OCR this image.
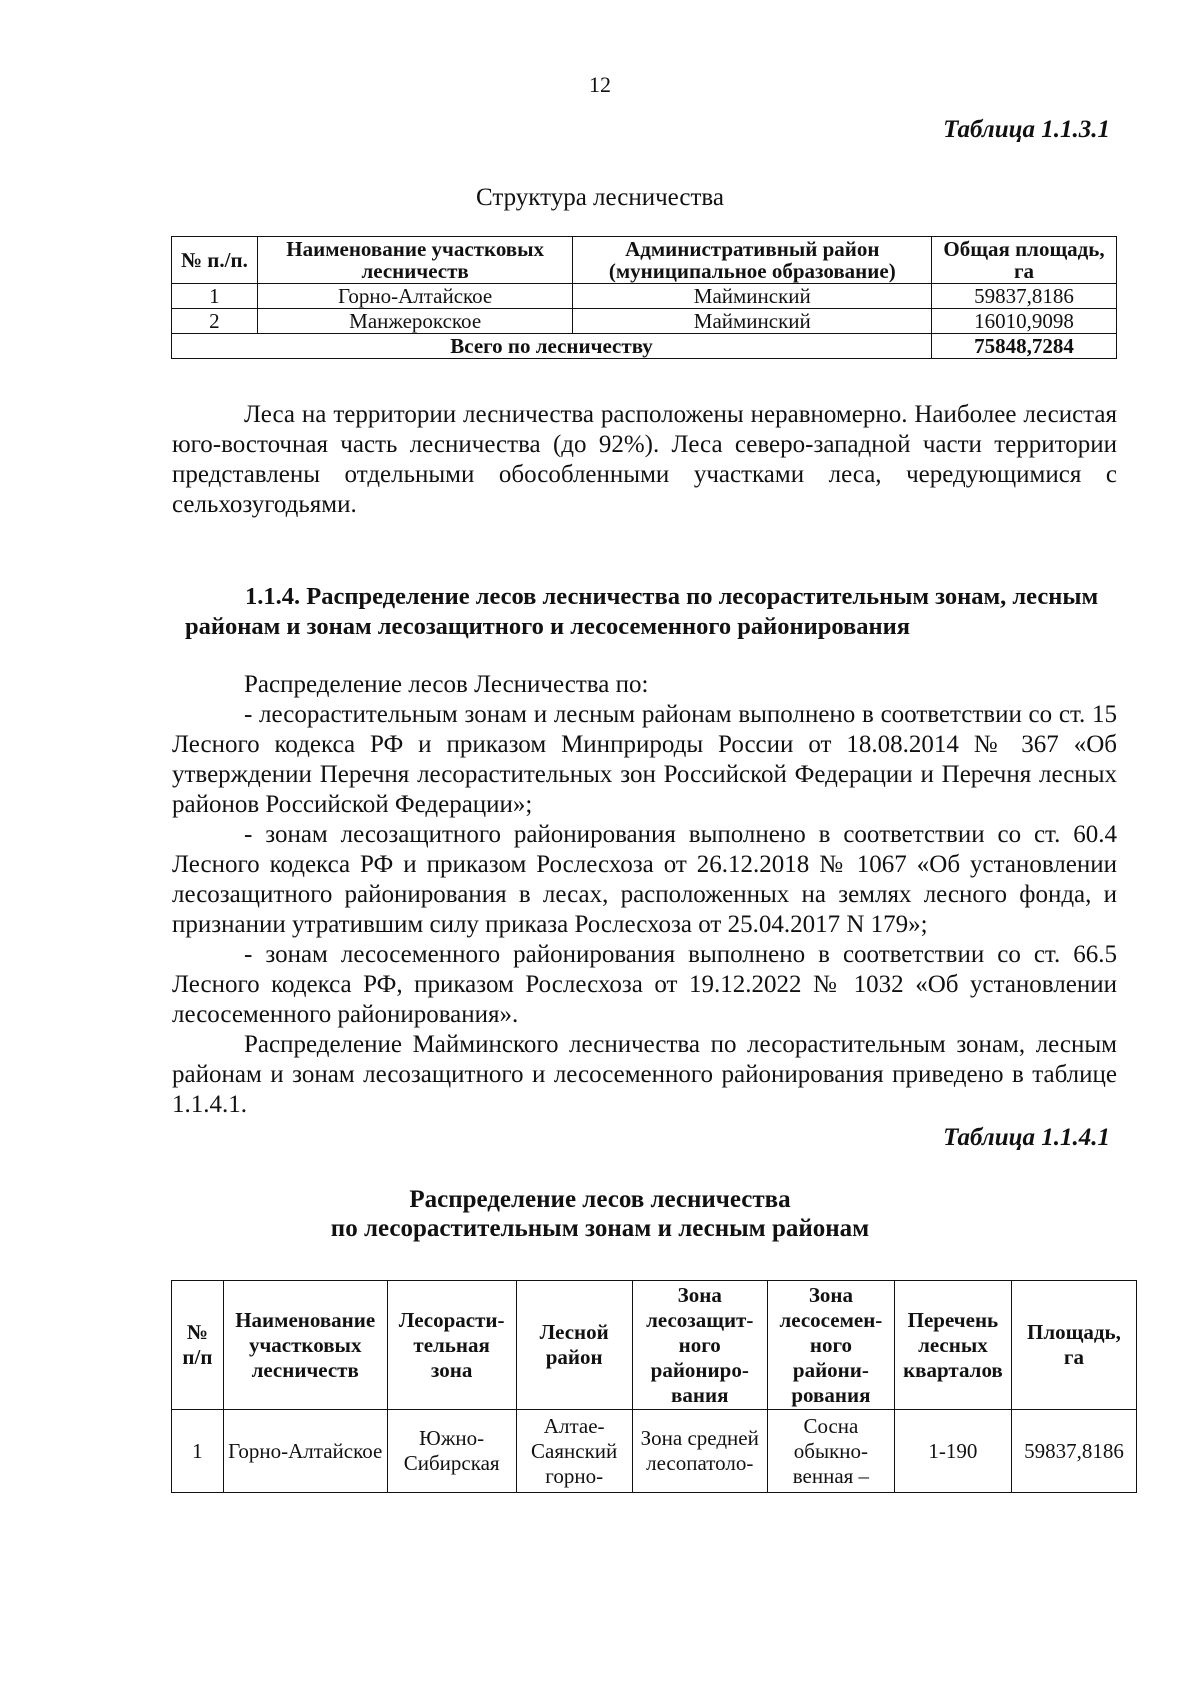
12
Таблица 1.1.3.1
Структура лесничества
№ п./п.	Наименование участковых лесничеств	Административный район (муниципальное образование)	Общая площадь, га
1	Горно-Алтайское	Майминский	59837,8186
2	Манжерокское	Майминский	16010,9098
Всего по лесничеству			75848,7284

Леса на территории лесничества расположены неравномерно. Наиболее лесистая юго-восточная часть лесничества (до 92%). Леса северо-западной части территории представлены отдельными обособленными участками леса, чередующимися с сельхозугодьями.

1.1.4. Распределение лесов лесничества по лесорастительным зонам, лесным
районам и зонам лесозащитного и лесосеменного районирования

Распределение лесов Лесничества по:

- лесорастительным зонам и лесным районам выполнено в соответствии со ст. 15 Лесного кодекса РФ и приказом Минприроды России от 18.08.2014 № 367 «Об утверждении Перечня лесорастительных зон Российской Федерации и Перечня лесных районов Российской Федерации»;

- зонам лесозащитного районирования выполнено в соответствии со ст. 60.4 Лесного кодекса РФ и приказом Рослесхоза от 26.12.2018 № 1067 «Об установлении лесозащитного районирования в лесах, расположенных на землях лесного фонда, и признании утратившим силу приказа Рослесхоза от 25.04.2017 N 179»;

- зонам лесосеменного районирования выполнено в соответствии со ст. 66.5 Лесного кодекса РФ, приказом Рослесхоза от 19.12.2022 № 1032 «Об установлении лесосеменного районирования».

Распределение Майминского лесничества по лесорастительным зонам, лесным районам и зонам лесозащитного и лесосеменного районирования приведено в таблице 1.1.4.1.

Таблица 1.1.4.1
Распределение лесов лесничества
по лесорастительным зонам и лесным районам
№ п/п	Наименование участковых лесничеств	Лесорасти-тельная зона	Лесной район	Зона лесозащит-ного райониро-вания	Зона лесосемен-ного райони-рования	Перечень лесных кварталов	Площадь, га
1	Горно-Алтайское	Южно-Сибирская	Алтае-Саянский горно-	Зона средней лесопатоло-	Сосна обыкно-венная –	1-190	59837,8186
